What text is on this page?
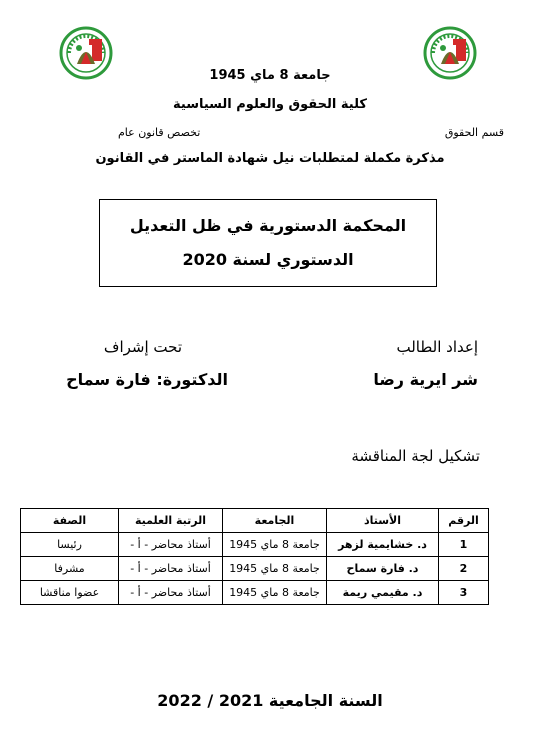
جامعة 8 ماي 1945
كلية الحقوق والعلوم السياسية
قسم الحقوق
تخصص قانون عام
مذكرة مكملة لمتطلبات نيل شهادة الماستر في القانون
المحكمة الدستورية في ظل التعديل
الدستوري لسنة 2020
إعداد الطالب
تحت إشراف
شر ايرية رضا
الدكتورة: فارة سماح
تشكيل لجة المناقشة
الرقم	الأستاذ	الجامعة	الرتبة العلمية	الصفة
1	د. خشايمية لزهر	جامعة 8 ماي 1945	أستاذ محاضر - أ -	رئيسا
2	د. فارة سماح	جامعة 8 ماي 1945	أستاذ محاضر - أ -	مشرفا
3	د. مقيمي ريمة	جامعة 8 ماي 1945	أستاذ محاضر - أ -	عضوا مناقشا
السنة الجامعية 2021 / 2022
